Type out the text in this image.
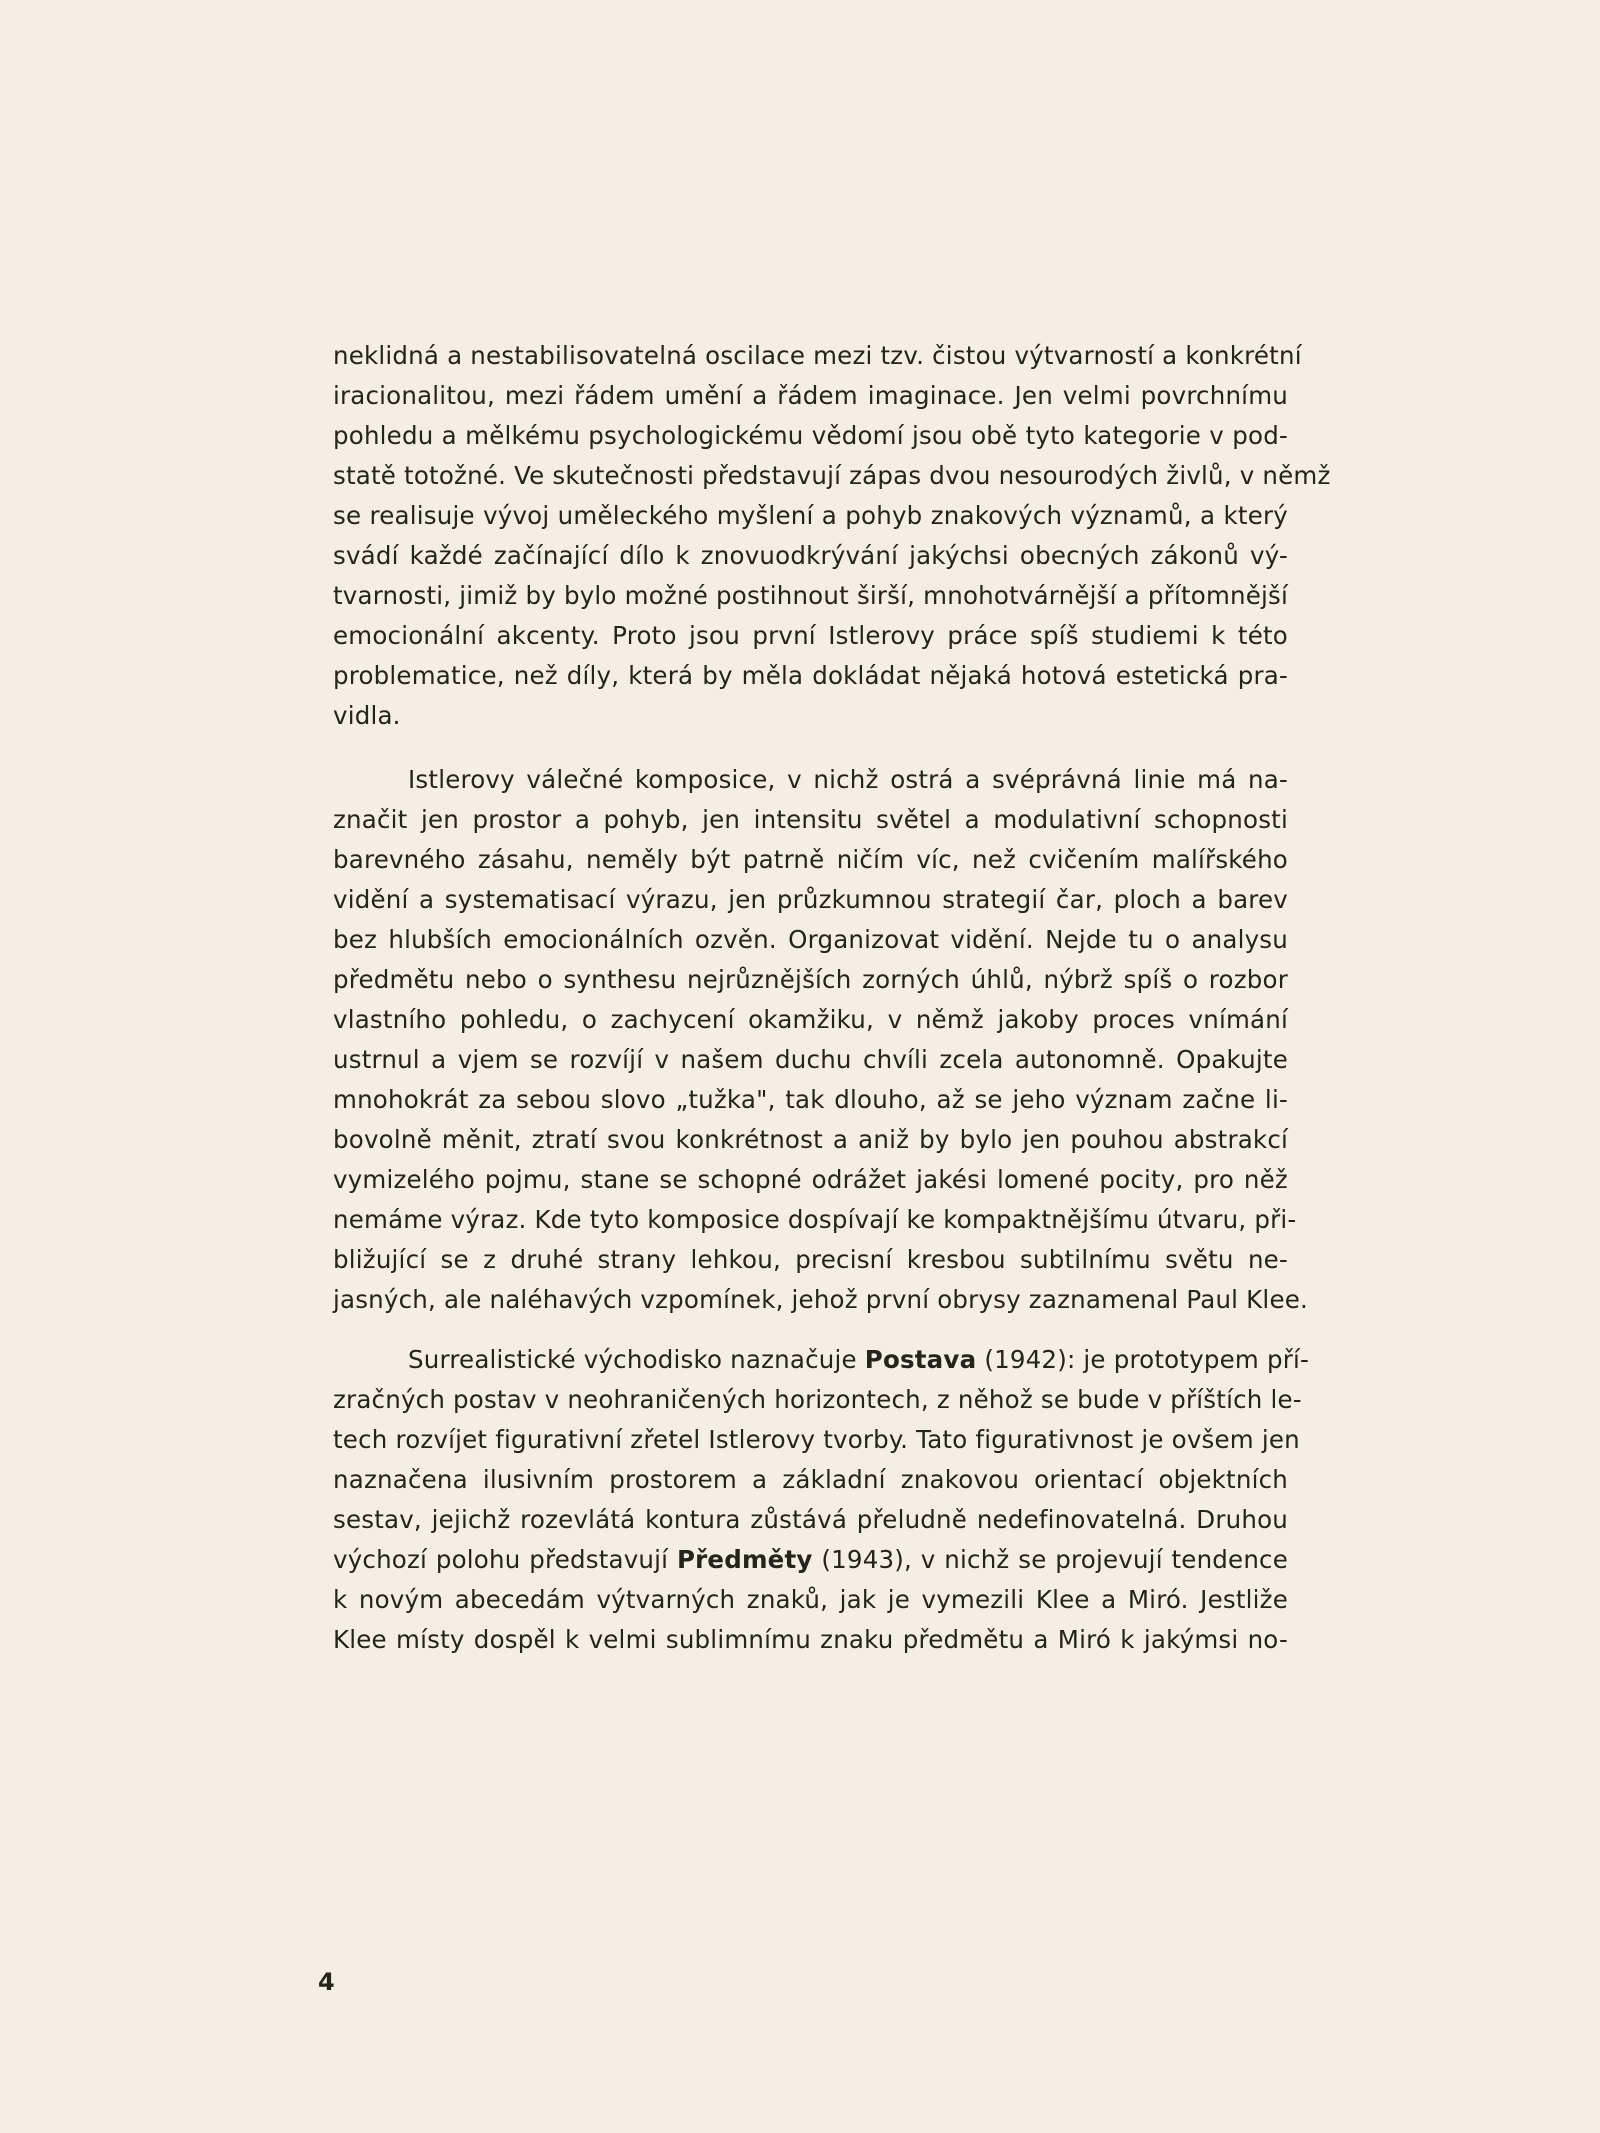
neklidná a nestabilisovatelná oscilace mezi tzv. čistou výtvarností a konkrétní
iracionalitou, mezi řádem umění a řádem imaginace. Jen velmi povrchnímu
pohledu a mělkému psychologickému vědomí jsou obě tyto kategorie v pod-
statě totožné. Ve skutečnosti představují zápas dvou nesourodých živlů, v němž
se realisuje vývoj uměleckého myšlení a pohyb znakových významů, a který
svádí každé začínající dílo k znovuodkrývání jakýchsi obecných zákonů vý-
tvarnosti, jimiž by bylo možné postihnout širší, mnohotvárnější a přítomnější
emocionální akcenty. Proto jsou první Istlerovy práce spíš studiemi k této
problematice, než díly, která by měla dokládat nějaká hotová estetická pra-
vidla.
Istlerovy válečné komposice, v nichž ostrá a svéprávná linie má na-
značit jen prostor a pohyb, jen intensitu světel a modulativní schopnosti
barevného zásahu, neměly být patrně ničím víc, než cvičením malířského
vidění a systematisací výrazu, jen průzkumnou strategií čar, ploch a barev
bez hlubších emocionálních ozvěn. Organizovat vidění. Nejde tu o analysu
předmětu nebo o synthesu nejrůznějších zorných úhlů, nýbrž spíš o rozbor
vlastního pohledu, o zachycení okamžiku, v němž jakoby proces vnímání
ustrnul a vjem se rozvíjí v našem duchu chvíli zcela autonomně. Opakujte
mnohokrát za sebou slovo „tužka", tak dlouho, až se jeho význam začne li-
bovolně měnit, ztratí svou konkrétnost a aniž by bylo jen pouhou abstrakcí
vymizelého pojmu, stane se schopné odrážet jakési lomené pocity, pro něž
nemáme výraz. Kde tyto komposice dospívají ke kompaktnějšímu útvaru, při-
bližující se z druhé strany lehkou, precisní kresbou subtilnímu světu ne-
jasných, ale naléhavých vzpomínek, jehož první obrysy zaznamenal Paul Klee.
Surrealistické východisko naznačuje Postava (1942): je prototypem pří-
zračných postav v neohraničených horizontech, z něhož se bude v příštích le-
tech rozvíjet figurativní zřetel Istlerovy tvorby. Tato figurativnost je ovšem jen
naznačena ilusivním prostorem a základní znakovou orientací objektních
sestav, jejichž rozevlátá kontura zůstává přeludně nedefinovatelná. Druhou
výchozí polohu představují Předměty (1943), v nichž se projevují tendence
k novým abecedám výtvarných znaků, jak je vymezili Klee a Miró. Jestliže
Klee místy dospěl k velmi sublimnímu znaku předmětu a Miró k jakýmsi no-
4
